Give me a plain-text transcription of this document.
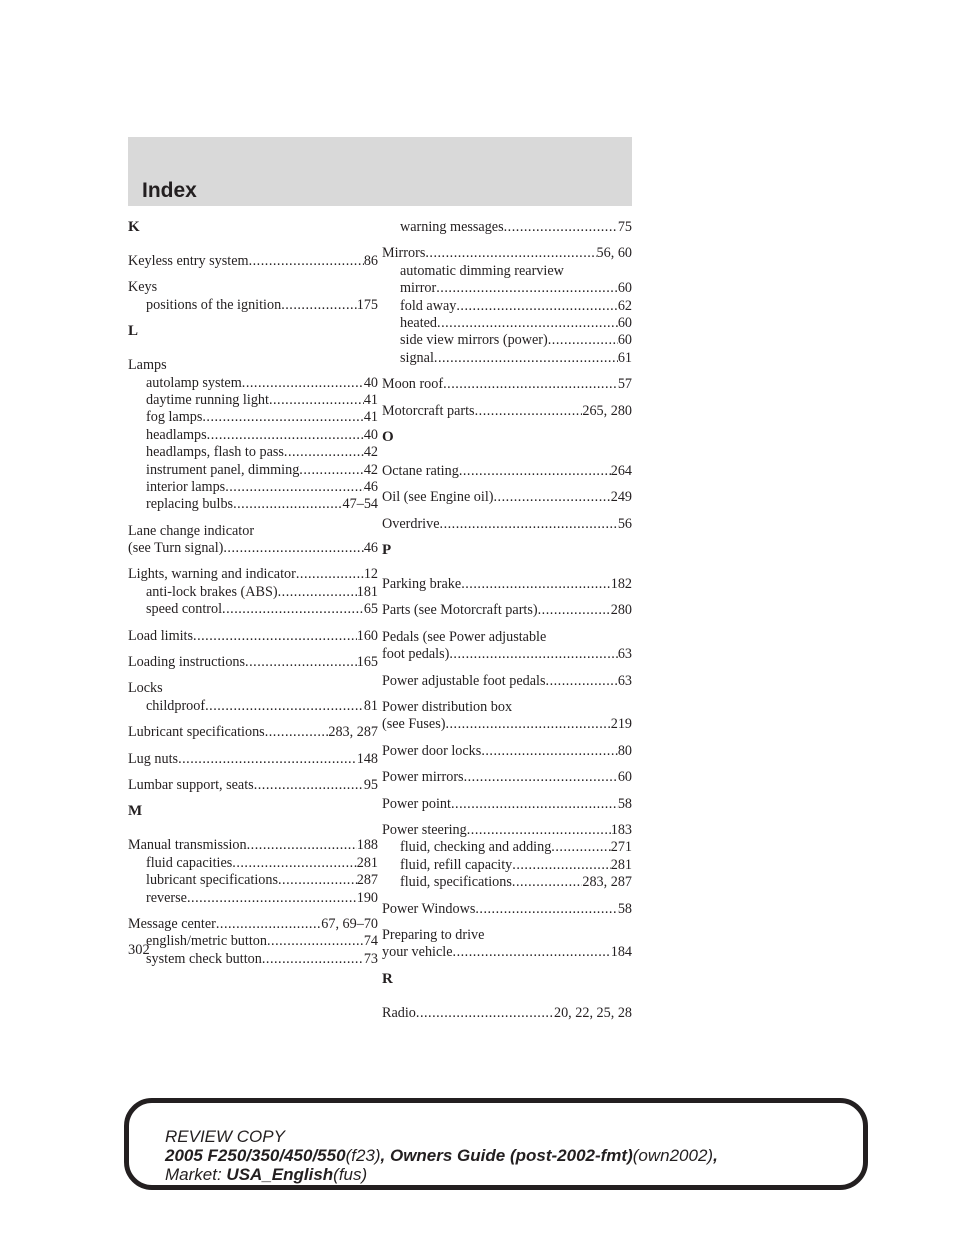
Index
K
Keyless entry system .....	86
Keys
positions of the ignition .....	175
L
Lamps
autolamp system .....	40
daytime running light .....	41
fog lamps .....	41
headlamps .....	40
headlamps, flash to pass .....	42
instrument panel, dimming .....	42
interior lamps .....	46
replacing bulbs .....	47–54
Lane change indicator
(see Turn signal) .....	46
Lights, warning and indicator .....	12
anti-lock brakes (ABS) .....	181
speed control .....	65
Load limits .....	160
Loading instructions .....	165
Locks
childproof .....	81
Lubricant specifications .....	283, 287
Lug nuts .....	148
Lumbar support, seats .....	95
M
Manual transmission .....	188
fluid capacities .....	281
lubricant specifications .....	287
reverse .....	190
Message center .....	67, 69–70
english/metric button .....	74
system check button .....	73
warning messages .....	75
Mirrors .....	56, 60
automatic dimming rearview
mirror .....	60
fold away .....	62
heated .....	60
side view mirrors (power) .....	60
signal .....	61
Moon roof .....	57
Motorcraft parts .....	265, 280
O
Octane rating .....	264
Oil (see Engine oil) .....	249
Overdrive .....	56
P
Parking brake .....	182
Parts (see Motorcraft parts) .....	280
Pedals (see Power adjustable
foot pedals) .....	63
Power adjustable foot pedals .....	63
Power distribution box
(see Fuses) .....	219
Power door locks .....	80
Power mirrors .....	60
Power point .....	58
Power steering .....	183
fluid, checking and adding .....	271
fluid, refill capacity .....	281
fluid, specifications .....	283, 287
Power Windows .....	58
Preparing to drive
your vehicle .....	184
R
Radio .....	20, 22, 25, 28
302
REVIEW COPY
2005 F250/350/450/550(f23), Owners Guide (post-2002-fmt)(own2002),
Market: USA_English(fus)
